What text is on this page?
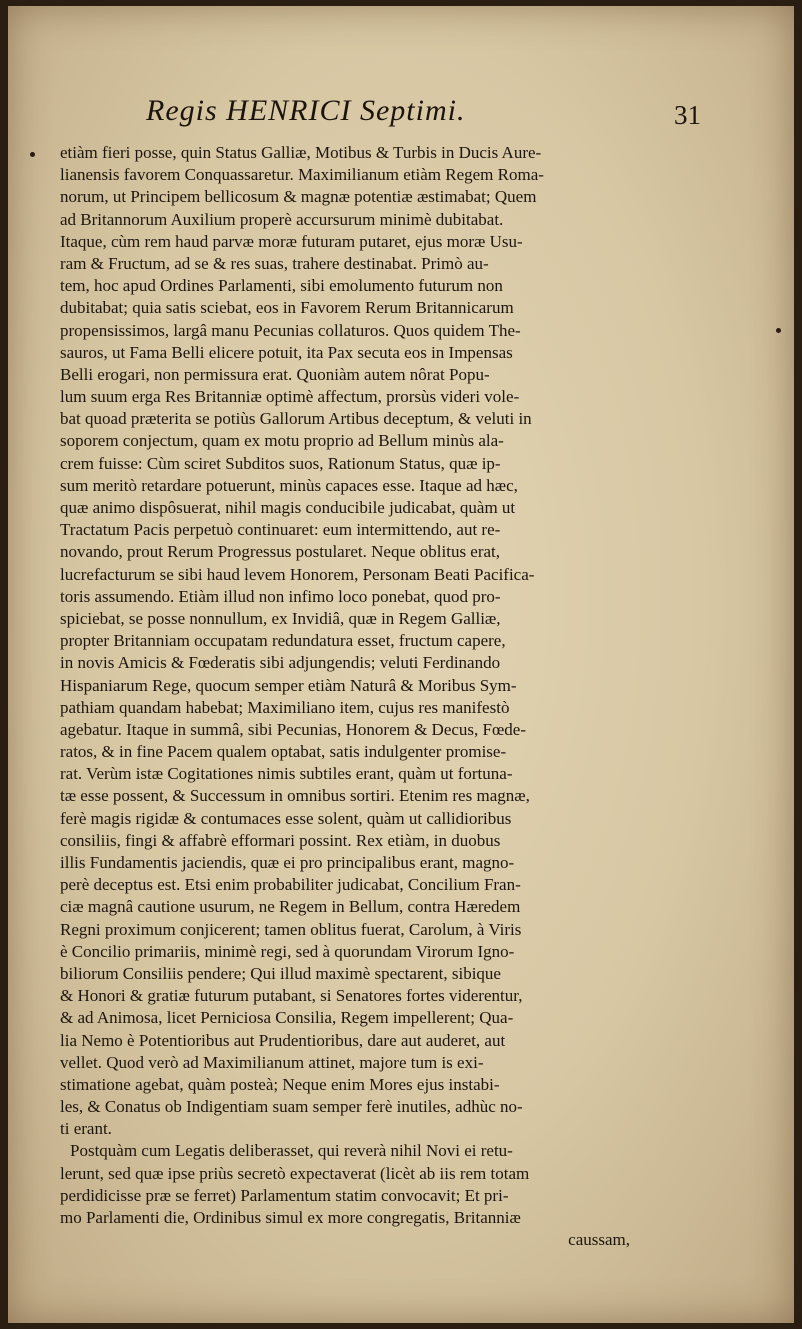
Regis HENRICI Septimi.	31
etiàm fieri posse, quin Status Galliæ, Motibus & Turbis in Ducis Aure-
lianensis favorem Conquassaretur. Maximilianum etiàm Regem Roma-
norum, ut Principem bellicosum & magnæ potentiæ æstimabat; Quem
ad Britannorum Auxilium properè accursurum minimè dubitabat.
Itaque, cùm rem haud parvæ moræ futuram putaret, ejus moræ Usu-
ram & Fructum, ad se & res suas, trahere destinabat. Primò au-
tem, hoc apud Ordines Parlamenti, sibi emolumento futurum non
dubitabat; quia satis sciebat, eos in Favorem Rerum Britannicarum
propensissimos, largâ manu Pecunias collaturos. Quos quidem The-
sauros, ut Fama Belli elicere potuit, ita Pax secuta eos in Impensas
Belli erogari, non permissura erat. Quoniàm autem nôrat Popu-
lum suum erga Res Britanniæ optimè affectum, prorsùs videri vole-
bat quoad præterita se potiùs Gallorum Artibus deceptum, & veluti in
soporem conjectum, quam ex motu proprio ad Bellum minùs ala-
crem fuisse: Cùm sciret Subditos suos, Rationum Status, quæ ip-
sum meritò retardare potuerunt, minùs capaces esse. Itaque ad hæc,
quæ animo dispôsuerat, nihil magis conducibile judicabat, quàm ut
Tractatum Pacis perpetuò continuaret: eum intermittendo, aut re-
novando, prout Rerum Progressus postularet. Neque oblitus erat,
lucrefacturum se sibi haud levem Honorem, Personam Beati Pacifica-
toris assumendo. Etiàm illud non infimo loco ponebat, quod pro-
spiciebat, se posse nonnullum, ex Invidiâ, quæ in Regem Galliæ,
propter Britanniam occupatam redundatura esset, fructum capere,
in novis Amicis & Fœderatis sibi adjungendis; veluti Ferdinando
Hispaniarum Rege, quocum semper etiàm Naturâ & Moribus Sym-
pathiam quandam habebat; Maximiliano item, cujus res manifestò
agebatur. Itaque in summâ, sibi Pecunias, Honorem & Decus, Fœde-
ratos, & in fine Pacem qualem optabat, satis indulgenter promise-
rat. Verùm istæ Cogitationes nimis subtiles erant, quàm ut fortuna-
tæ esse possent, & Successum in omnibus sortiri. Etenim res magnæ,
ferè magis rigidæ & contumaces esse solent, quàm ut callidioribus
consiliis, fingi & affabrè efformari possint. Rex etiàm, in duobus
illis Fundamentis jaciendis, quæ ei pro principalibus erant, magno-
perè deceptus est. Etsi enim probabiliter judicabat, Concilium Fran-
ciæ magnâ cautione usurum, ne Regem in Bellum, contra Hæredem
Regni proximum conjicerent; tamen oblitus fuerat, Carolum, à Viris
è Concilio primariis, minimè regi, sed à quorundam Virorum Igno-
biliorum Consiliis pendere; Qui illud maximè spectarent, sibique
& Honori & gratiæ futurum putabant, si Senatores fortes viderentur,
& ad Animosa, licet Perniciosa Consilia, Regem impellerent; Qua-
lia Nemo è Potentioribus aut Prudentioribus, dare aut auderet, aut
vellet. Quod verò ad Maximilianum attinet, majore tum is exi-
stimatione agebat, quàm posteà; Neque enim Mores ejus instabi-
les, & Conatus ob Indigentiam suam semper ferè inutiles, adhùc no-
ti erant.
Postquàm cum Legatis deliberasset, qui reverà nihil Novi ei retu-
lerunt, sed quæ ipse priùs secretò expectaverat (licèt ab iis rem totam
perdidicisse præ se ferret) Parlamentum statim convocavit; Et pri-
mo Parlamenti die, Ordinibus simul ex more congregatis, Britanniæ
caussam,
